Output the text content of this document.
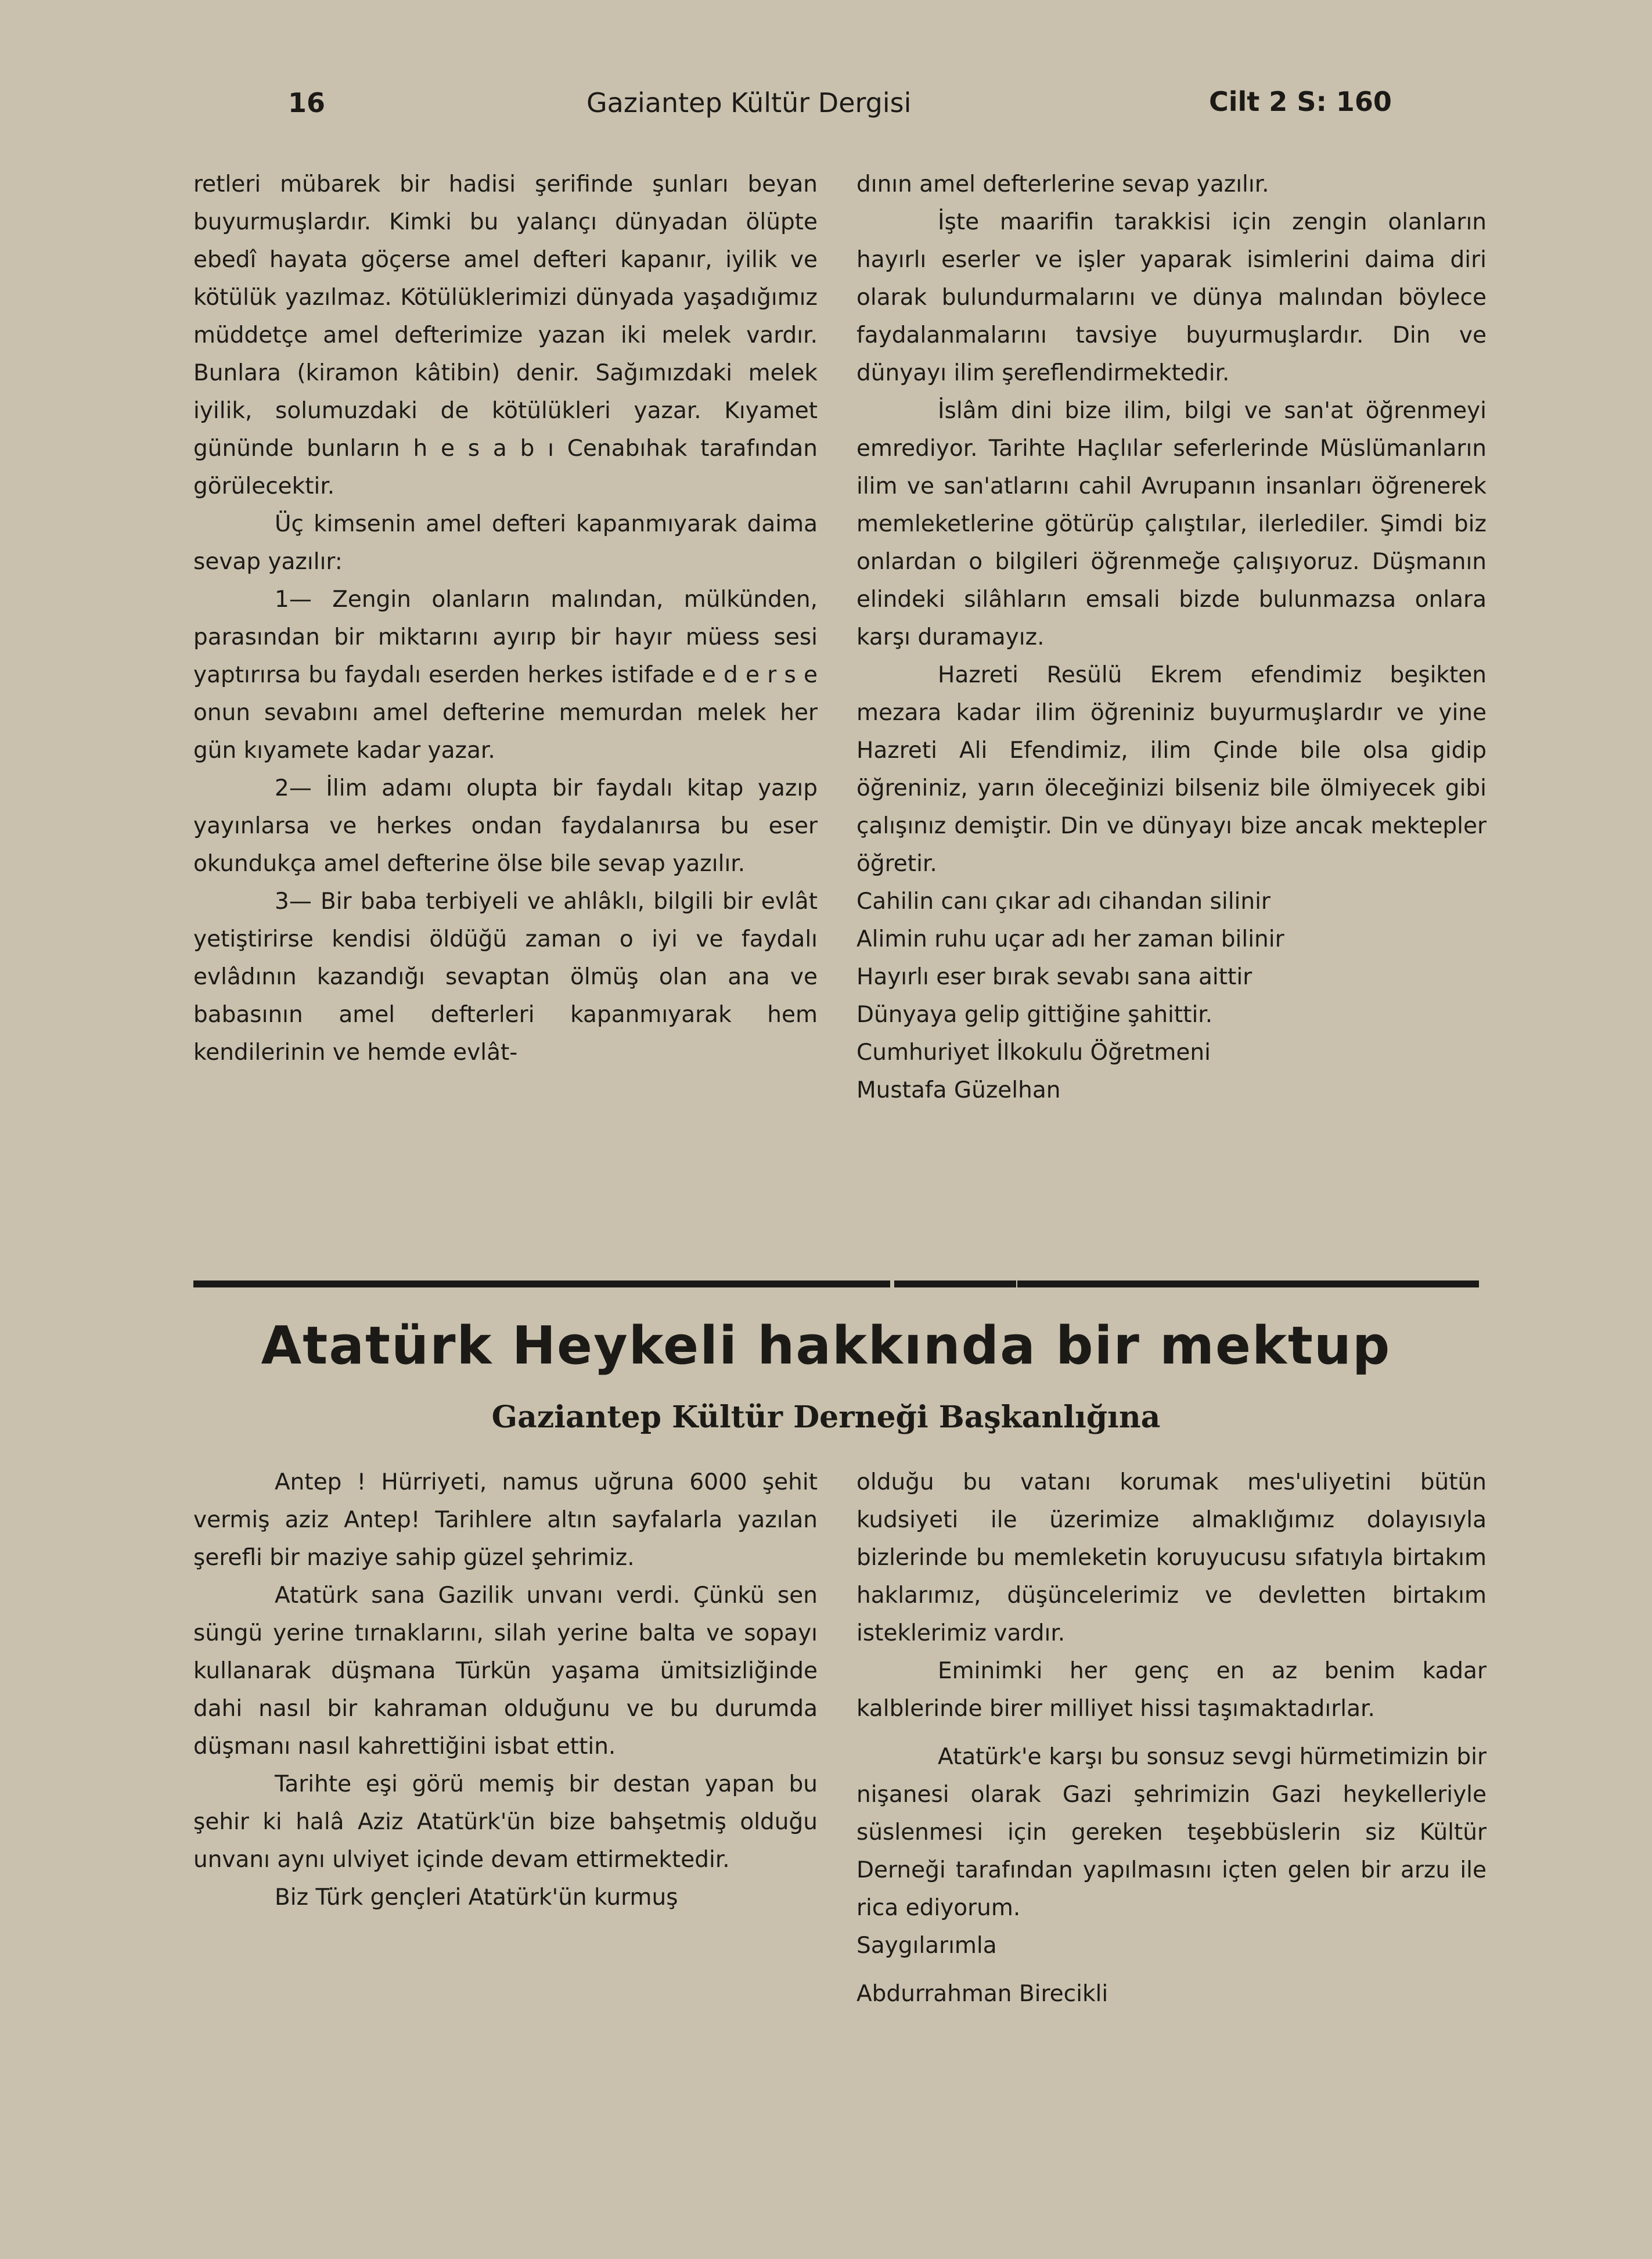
16	Gaziantep Kültür Dergisi	Cilt 2 S: 160

retleri mübarek bir hadisi şerifinde şunları beyan buyurmuşlardır. Kimki bu yalançı dünyadan ölüpte ebedî hayata göçerse amel defteri kapanır, iyilik ve kötülük yazılmaz. Kötülüklerimizi dünyada yaşadığımız müddetçe amel defterimize yazan iki melek vardır. Bunlara (kiramon kâtibin) denir. Sağımızdaki melek iyilik, solumuzdaki de kötülükleri yazar. Kıyamet gününde bunların h e s a b ı Cenabıhak tarafından görülecektir.

Üç kimsenin amel defteri kapanmıyarak daima sevap yazılır:

1— Zengin olanların malından, mülkünden, parasından bir miktarını ayırıp bir hayır müess sesi yaptırırsa bu faydalı eserden herkes istifade e d e r s e onun sevabını amel defterine memurdan melek her gün kıyamete kadar yazar.

2— İlim adamı olupta bir faydalı kitap yazıp yayınlarsa ve herkes ondan faydalanırsa bu eser okundukça amel defterine ölse bile sevap yazılır.

3— Bir baba terbiyeli ve ahlâklı, bilgili bir evlât yetiştirirse kendisi öldüğü zaman o iyi ve faydalı evlâdının kazandığı sevaptan ölmüş olan ana ve babasının amel defterleri kapanmıyarak hem kendilerinin ve hemde evlât-

dının amel defterlerine sevap yazılır.

İşte maarifin tarakkisi için zengin olanların hayırlı eserler ve işler yaparak isimlerini daima diri olarak bulundurmalarını ve dünya malından böylece faydalanmalarını tavsiye buyurmuşlardır. Din ve dünyayı ilim şereflendirmektedir.

İslâm dini bize ilim, bilgi ve san'at öğrenmeyi emrediyor. Tarihte Haçlılar seferlerinde Müslümanların ilim ve san'atlarını cahil Avrupanın insanları öğrenerek memleketlerine götürüp çalıştılar, ilerlediler. Şimdi biz onlardan o bilgileri öğrenmeğe çalışıyoruz. Düşmanın elindeki silâhların emsali bizde bulunmazsa onlara karşı duramayız.

Hazreti Resülü Ekrem efendimiz beşikten mezara kadar ilim öğreniniz buyurmuşlardır ve yine Hazreti Ali Efendimiz, ilim Çinde bile olsa gidip öğreniniz, yarın öleceğinizi bilseniz bile ölmiyecek gibi çalışınız demiştir. Din ve dünyayı bize ancak mektepler öğretir.

Cahilin canı çıkar adı cihandan silinir

Alimin ruhu uçar adı her zaman bilinir

Hayırlı eser bırak sevabı sana aittir

Dünyaya gelip gittiğine şahittir.

Cumhuriyet İlkokulu Öğretmeni

Mustafa Güzelhan

Atatürk Heykeli hakkında bir mektup
Gaziantep Kültür Derneği Başkanlığına

Antep ! Hürriyeti, namus uğruna 6000 şehit vermiş aziz Antep! Tarihlere altın sayfalarla yazılan şerefli bir maziye sahip güzel şehrimiz.

Atatürk sana Gazilik unvanı verdi. Çünkü sen süngü yerine tırnaklarını, silah yerine balta ve sopayı kullanarak düşmana Türkün yaşama ümitsizliğinde dahi nasıl bir kahraman olduğunu ve bu durumda düşmanı nasıl kahrettiğini isbat ettin.

Tarihte eşi görü memiş bir destan yapan bu şehir ki halâ Aziz Atatürk'ün bize bahşetmiş olduğu unvanı aynı ulviyet içinde devam ettirmektedir.

Biz Türk gençleri Atatürk'ün kurmuş

olduğu bu vatanı korumak mes'uliyetini bütün kudsiyeti ile üzerimize almaklığımız dolayısıyla bizlerinde bu memleketin koruyucusu sıfatıyla birtakım haklarımız, düşüncelerimiz ve devletten birtakım isteklerimiz vardır.

Eminimki her genç en az benim kadar kalblerinde birer milliyet hissi taşımaktadırlar.

Atatürk'e karşı bu sonsuz sevgi hürmetimizin bir nişanesi olarak Gazi şehrimizin Gazi heykelleriyle süslenmesi için gereken teşebbüslerin siz Kültür Derneği tarafından yapılmasını içten gelen bir arzu ile rica ediyorum.

Saygılarımla

Abdurrahman Birecikli
